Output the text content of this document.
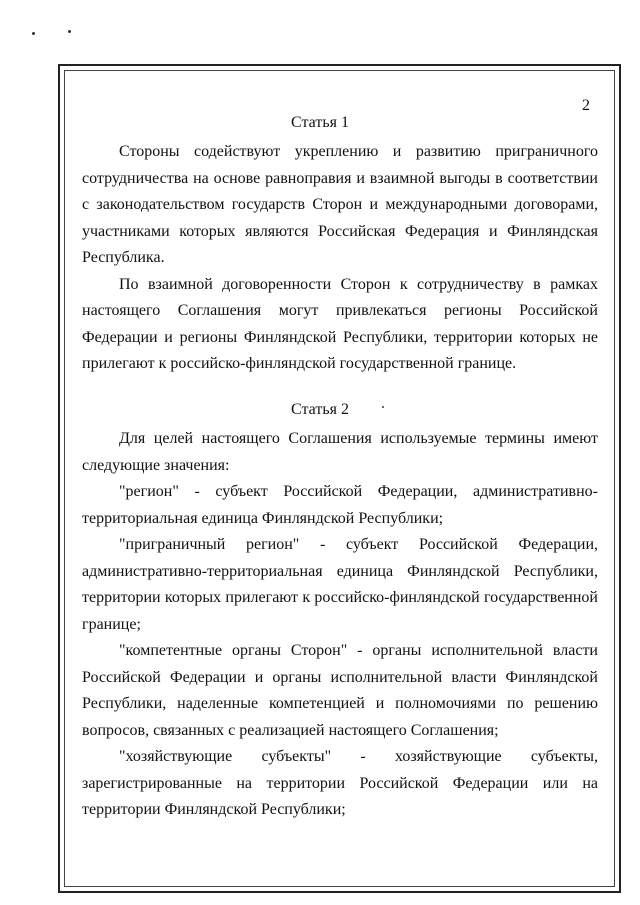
2
Статья 1

Стороны содействуют укреплению и развитию приграничного сотрудничества на основе равноправия и взаимной выгоды в соответствии с законодательством государств Сторон и международными договорами, участниками которых являются Российская Федерация и Финляндская Республика.

По взаимной договоренности Сторон к сотрудничеству в рамках настоящего Соглашения могут привлекаться регионы Российской Федерации и регионы Финляндской Республики, территории которых не прилегают к российско-финляндской государственной границе.

Статья 2

Для целей настоящего Соглашения используемые термины имеют следующие значения:

"регион" - субъект Российской Федерации, административно-территориальная единица Финляндской Республики;

"приграничный регион" - субъект Российской Федерации, административно-территориальная единица Финляндской Республики, территории которых прилегают к российско-финляндской государственной границе;

"компетентные органы Сторон" - органы исполнительной власти Российской Федерации и органы исполнительной власти Финляндской Республики, наделенные компетенцией и полномочиями по решению вопросов, связанных с реализацией настоящего Соглашения;

"хозяйствующие субъекты" - хозяйствующие субъекты, зарегистрированные на территории Российской Федерации или на территории Финляндской Республики;
